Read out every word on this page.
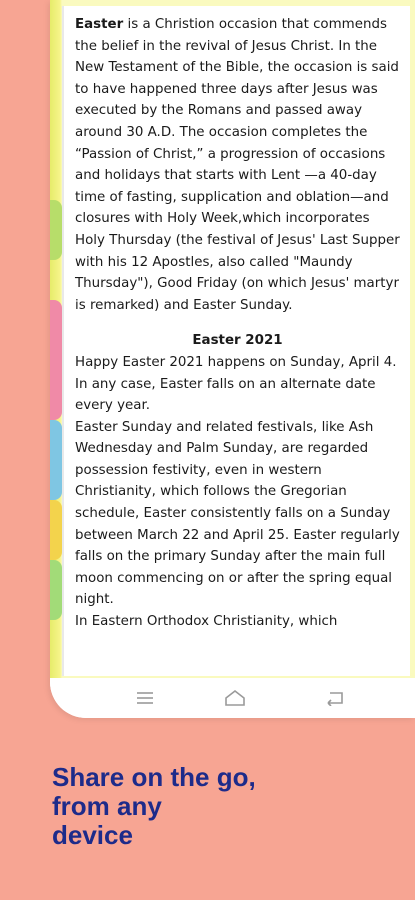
Easter is a Christion occasion that commends the belief in the revival of Jesus Christ. In the New Testament of the Bible, the occasion is said to have happened three days after Jesus was executed by the Romans and passed away around 30 A.D. The occasion completes the “Passion of Christ,” a progression of occasions and holidays that starts with Lent —a 40-day time of fasting, supplication and oblation—and closures with Holy Week,which incorporates Holy Thursday (the festival of Jesus' Last Supper with his 12 Apostles, also called "Maundy Thursday"), Good Friday (on which Jesus' martyr is remarked) and Easter Sunday.

Easter 2021

Happy Easter 2021 happens on Sunday, April 4. In any case, Easter falls on an alternate date every year.

Easter Sunday and related festivals, like Ash Wednesday and Palm Sunday, are regarded possession festivity, even in western Christianity, which follows the Gregorian schedule, Easter consistently falls on a Sunday between March 22 and April 25. Easter regularly falls on the primary Sunday after the main full moon commencing on or after the spring equal night.

In Eastern Orthodox Christianity, which

Share on the go,
from any
device
